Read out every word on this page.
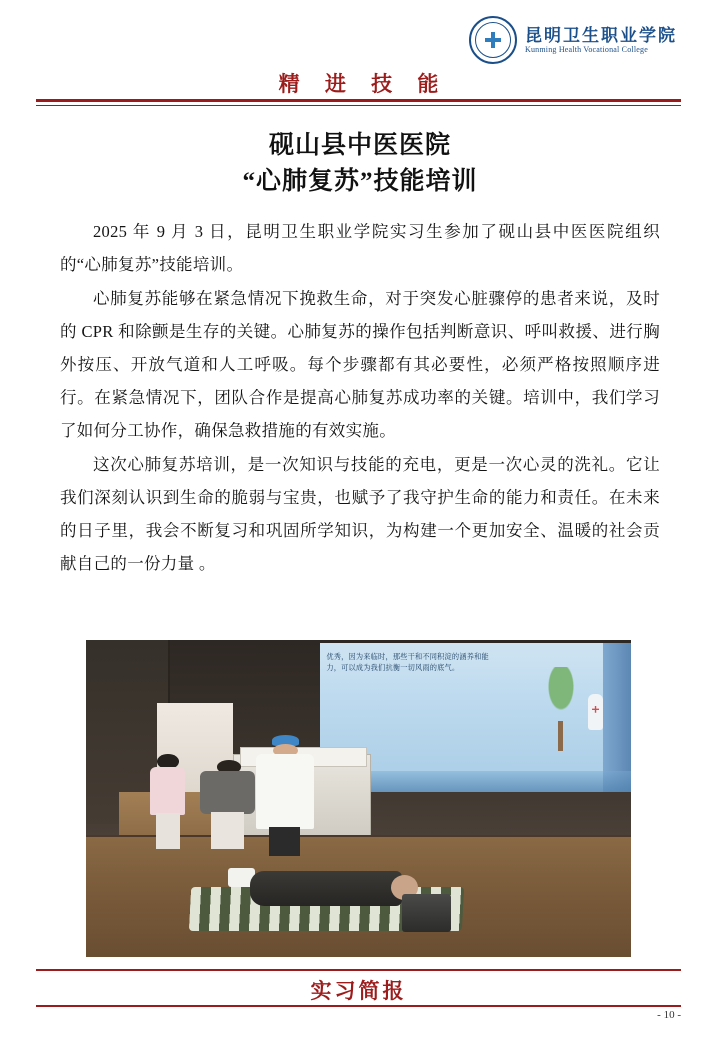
昆明卫生职业学院
Kunming Health Vocational College
精 进 技 能
砚山县中医医院
“心肺复苏”技能培训

2025 年 9 月 3 日，昆明卫生职业学院实习生参加了砚山县中医医院组织的“心肺复苏”技能培训。

心肺复苏能够在紧急情况下挽救生命，对于突发心脏骤停的患者来说，及时的 CPR 和除颤是生存的关键。心肺复苏的操作包括判断意识、呼叫救援、进行胸外按压、开放气道和人工呼吸。每个步骤都有其必要性，必须严格按照顺序进行。在紧急情况下，团队合作是提高心肺复苏成功率的关键。培训中，我们学习了如何分工协作，确保急救措施的有效实施。

这次心肺复苏培训，是一次知识与技能的充电，更是一次心灵的洗礼。它让我们深刻认识到生命的脆弱与宝贵，也赋予了我守护生命的能力和责任。在未来的日子里，我会不断复习和巩固所学知识，为构建一个更加安全、温暖的社会贡献自己的一份力量 。

优秀，因为来临时，那些干和不同积淀的涵养和能力，可以成为我们抗衡一切风雨的底气。
实习简报
- 10 -
